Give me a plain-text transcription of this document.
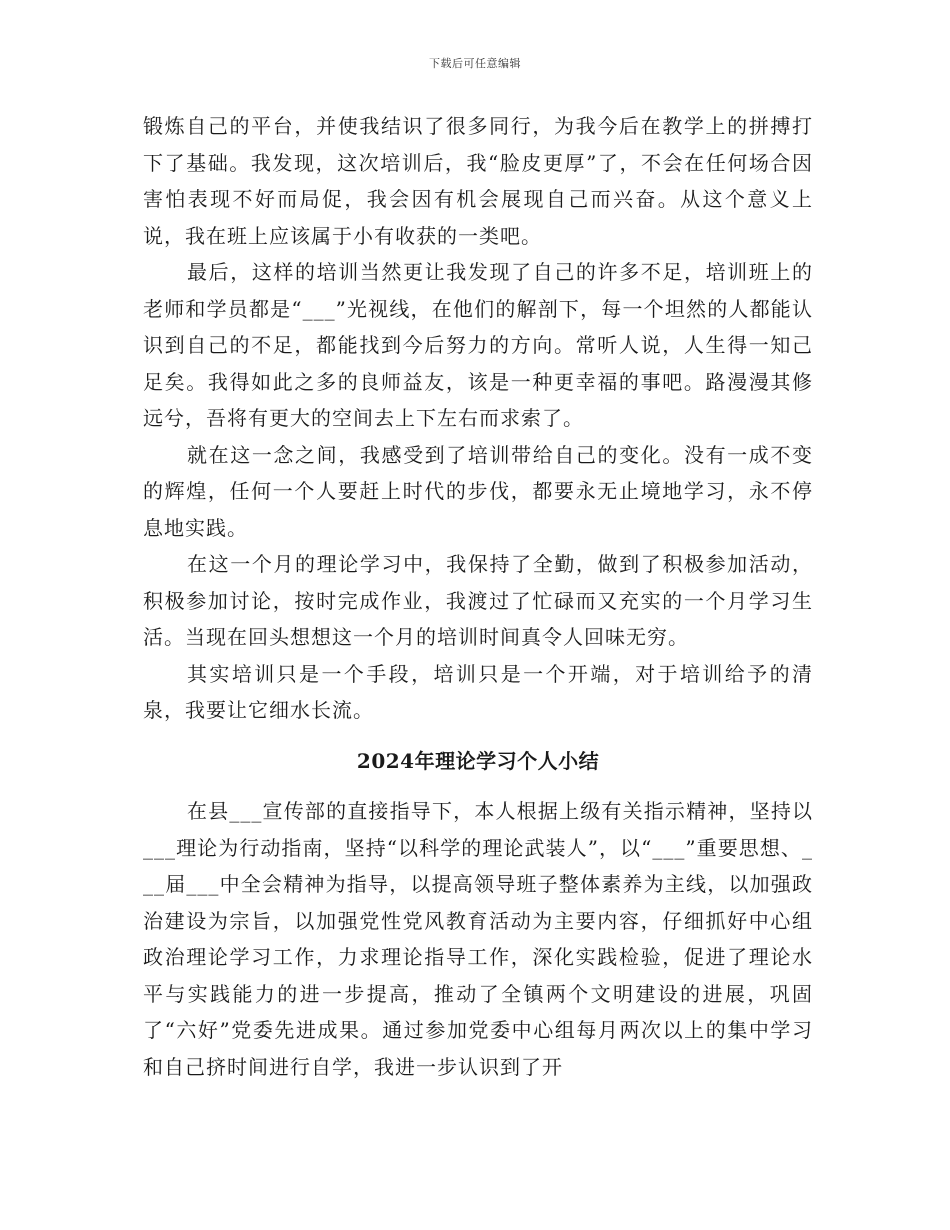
下载后可任意编辑

锻炼自己的平台，并使我结识了很多同行，为我今后在教学上的拼搏打下了基础。我发现，这次培训后，我“脸皮更厚”了，不会在任何场合因害怕表现不好而局促，我会因有机会展现自己而兴奋。从这个意义上说，我在班上应该属于小有收获的一类吧。

最后，这样的培训当然更让我发现了自己的许多不足，培训班上的老师和学员都是“___”光视线，在他们的解剖下，每一个坦然的人都能认识到自己的不足，都能找到今后努力的方向。常听人说，人生得一知己足矣。我得如此之多的良师益友，该是一种更幸福的事吧。路漫漫其修远兮，吾将有更大的空间去上下左右而求索了。

就在这一念之间，我感受到了培训带给自己的变化。没有一成不变的辉煌，任何一个人要赶上时代的步伐，都要永无止境地学习，永不停息地实践。

在这一个月的理论学习中，我保持了全勤，做到了积极参加活动，积极参加讨论，按时完成作业，我渡过了忙碌而又充实的一个月学习生活。当现在回头想想这一个月的培训时间真令人回味无穷。

其实培训只是一个手段，培训只是一个开端，对于培训给予的清泉，我要让它细水长流。

2024年理论学习个人小结

在县___宣传部的直接指导下，本人根据上级有关指示精神，坚持以___理论为行动指南，坚持“以科学的理论武装人”，以“___”重要思想、___届___中全会精神为指导，以提高领导班子整体素养为主线，以加强政治建设为宗旨，以加强党性党风教育活动为主要内容，仔细抓好中心组政治理论学习工作，力求理论指导工作，深化实践检验，促进了理论水平与实践能力的进一步提高，推动了全镇两个文明建设的进展，巩固了“六好”党委先进成果。通过参加党委中心组每月两次以上的集中学习和自己挤时间进行自学，我进一步认识到了开
